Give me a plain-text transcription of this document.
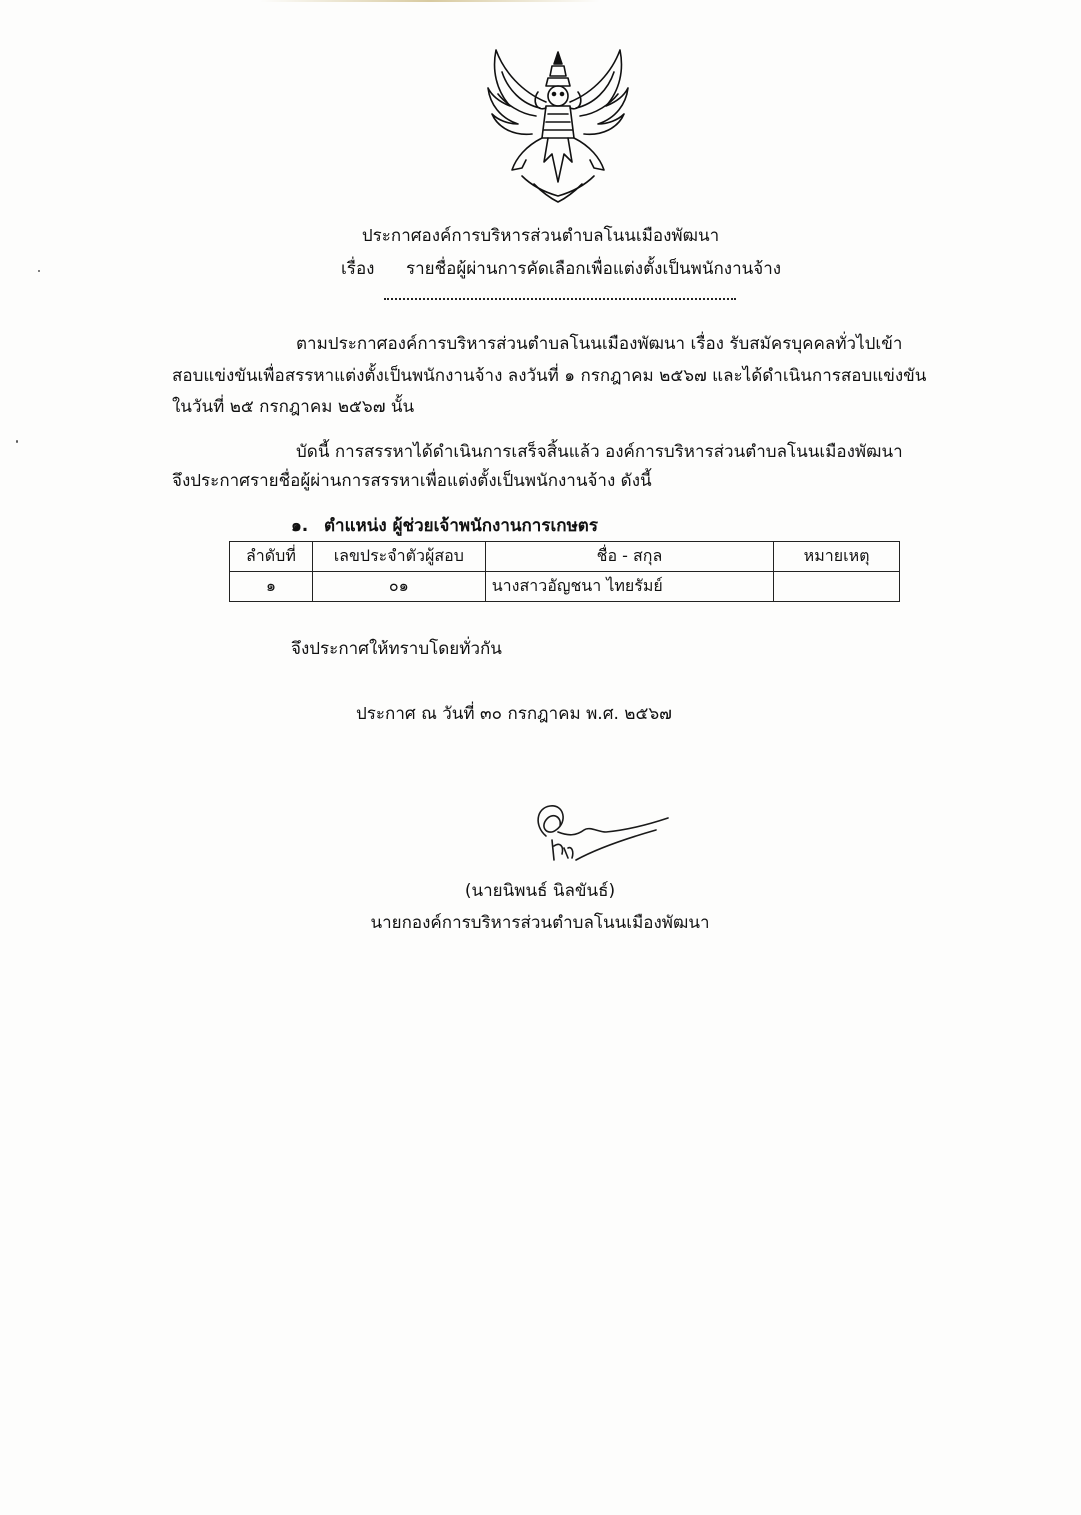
ประกาศองค์การบริหารส่วนตำบลโนนเมืองพัฒนา
เรื่อง รายชื่อผู้ผ่านการคัดเลือกเพื่อแต่งตั้งเป็นพนักงานจ้าง
ตามประกาศองค์การบริหารส่วนตำบลโนนเมืองพัฒนา เรื่อง รับสมัครบุคคลทั่วไปเข้า
สอบแข่งขันเพื่อสรรหาแต่งตั้งเป็นพนักงานจ้าง ลงวันที่ ๑ กรกฎาคม ๒๕๖๗ และได้ดำเนินการสอบแข่งขัน
ในวันที่ ๒๕ กรกฎาคม ๒๕๖๗ นั้น
บัดนี้ การสรรหาได้ดำเนินการเสร็จสิ้นแล้ว องค์การบริหารส่วนตำบลโนนเมืองพัฒนา
จึงประกาศรายชื่อผู้ผ่านการสรรหาเพื่อแต่งตั้งเป็นพนักงานจ้าง ดังนี้
๑. ตำแหน่ง ผู้ช่วยเจ้าพนักงานการเกษตร
ลำดับที่	เลขประจำตัวผู้สอบ	ชื่อ - สกุล	หมายเหตุ
๑	๐๑	นางสาวอัญชนา ไทยรัมย์	
จึงประกาศให้ทราบโดยทั่วกัน
ประกาศ ณ วันที่ ๓๐ กรกฎาคม พ.ศ. ๒๕๖๗
(นายนิพนธ์ นิลขันธ์)
นายกองค์การบริหารส่วนตำบลโนนเมืองพัฒนา
